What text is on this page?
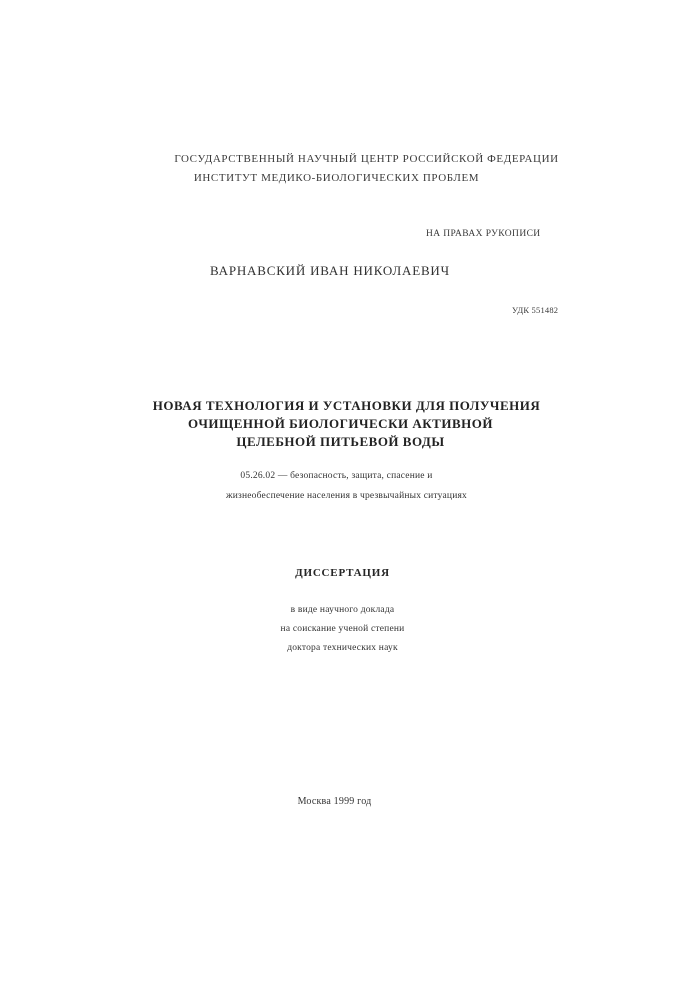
ГОСУДАРСТВЕННЫЙ НАУЧНЫЙ ЦЕНТР РОССИЙСКОЙ ФЕДЕРАЦИИ
ИНСТИТУТ МЕДИКО-БИОЛОГИЧЕСКИХ ПРОБЛЕМ
НА ПРАВАХ РУКОПИСИ
ВАРНАВСКИЙ ИВАН НИКОЛАЕВИЧ
УДК 551482
НОВАЯ ТЕХНОЛОГИЯ И УСТАНОВКИ ДЛЯ ПОЛУЧЕНИЯ
ОЧИЩЕННОЙ БИОЛОГИЧЕСКИ АКТИВНОЙ
ЦЕЛЕБНОЙ ПИТЬЕВОЙ ВОДЫ
05.26.02 — безопасность, защита, спасение и
жизнеобеспечение населения в чрезвычайных ситуациях
ДИССЕРТАЦИЯ
в виде научного доклада
на соискание ученой степени
доктора технических наук
Москва 1999 год
